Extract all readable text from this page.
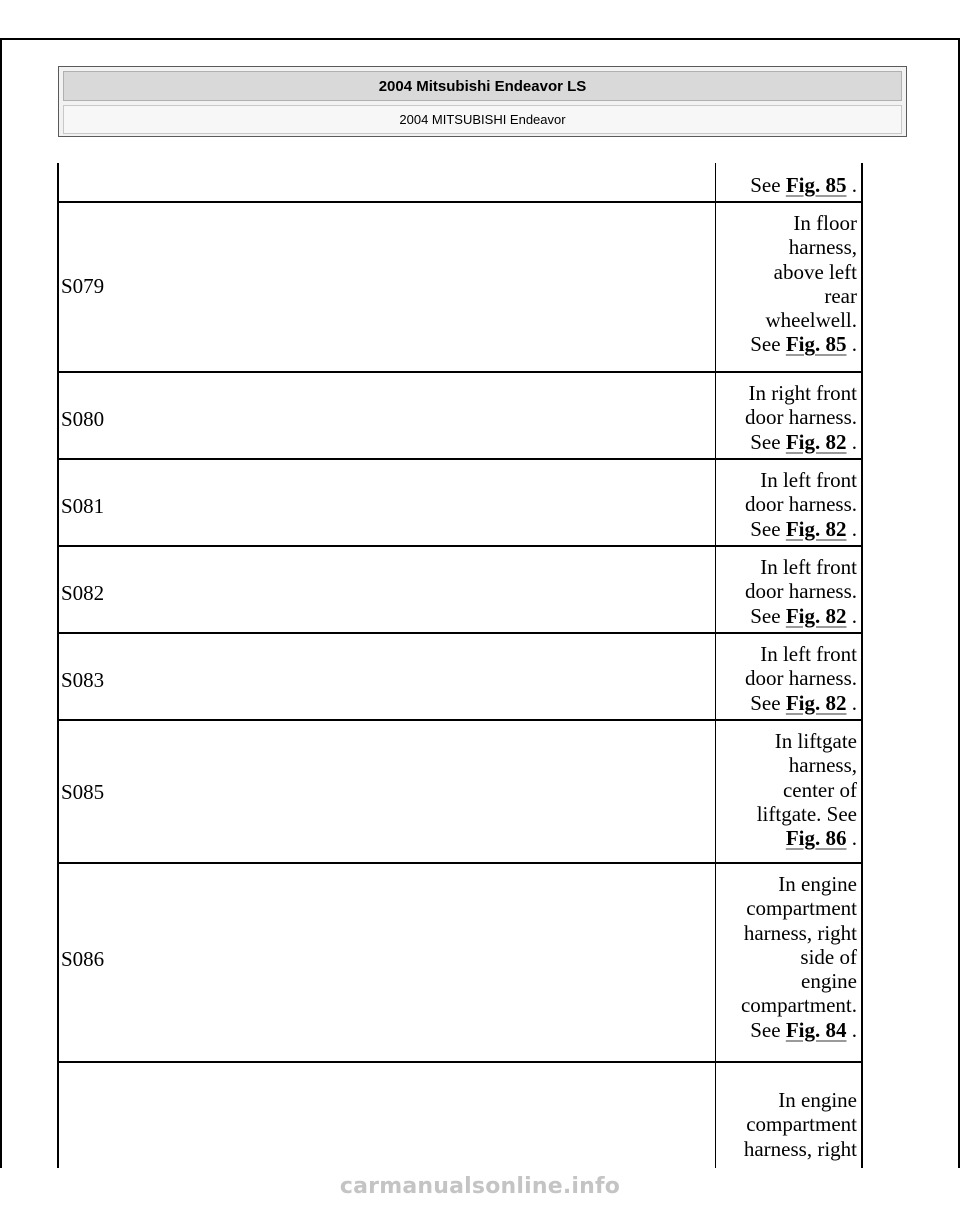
2004 Mitsubishi Endeavor LS
2004 MITSUBISHI Endeavor
See Fig. 85 .
S079
In floor
harness,
above left
rear
wheelwell.
See Fig. 85 .
S080
In right front
door harness.
See Fig. 82 .
S081
In left front
door harness.
See Fig. 82 .
S082
In left front
door harness.
See Fig. 82 .
S083
In left front
door harness.
See Fig. 82 .
S085
In liftgate
harness,
center of
liftgate. See
Fig. 86 .
S086
In engine
compartment
harness, right
side of
engine
compartment.
See Fig. 84 .
In engine
compartment
harness, right
carmanualsonline.info
